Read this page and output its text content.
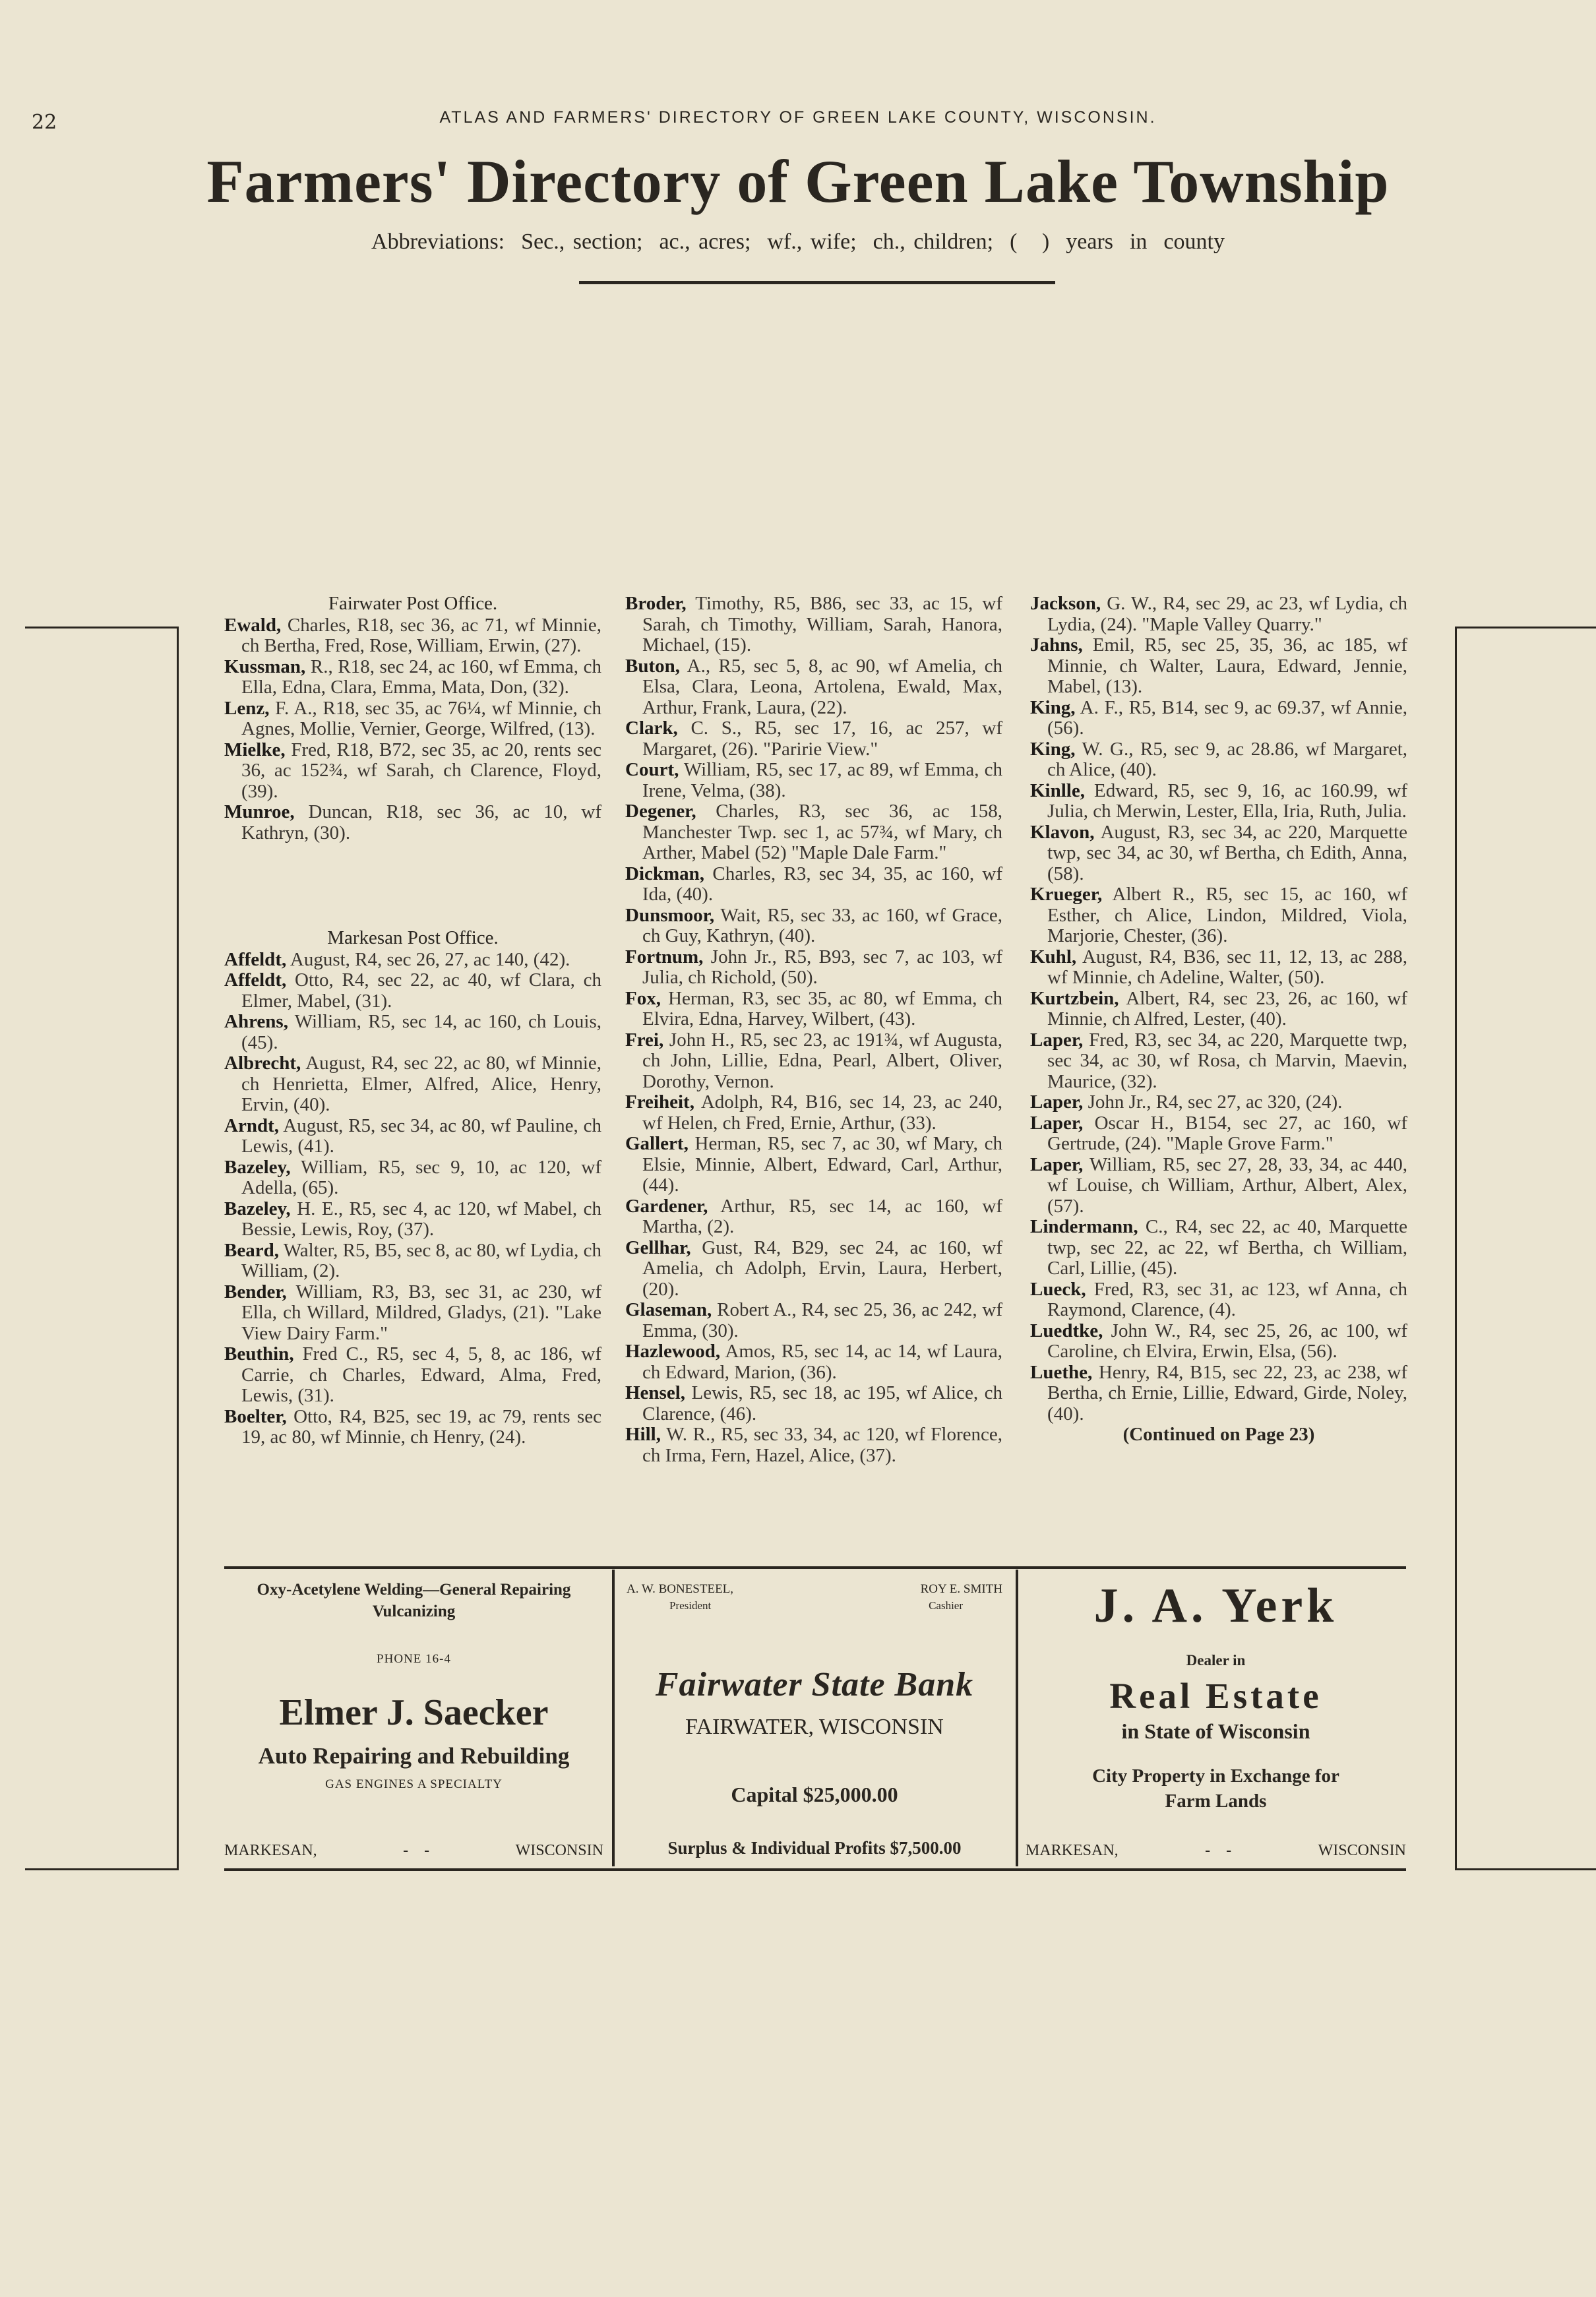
22	ATLAS AND FARMERS' DIRECTORY OF GREEN LAKE COUNTY, WISCONSIN.
Farmers' Directory of Green Lake Township
Abbreviations:  Sec., section;  ac., acres;  wf., wife;  ch., children;  (   )  years  in  county
Fairwater Post Office.

Ewald, Charles, R18, sec 36, ac 71, wf Minnie, ch Bertha, Fred, Rose, William, Erwin, (27).

Kussman, R., R18, sec 24, ac 160, wf Emma, ch Ella, Edna, Clara, Emma, Mata, Don, (32).

Lenz, F. A., R18, sec 35, ac 76¼, wf Minnie, ch Agnes, Mollie, Vernier, George, Wilfred, (13).

Mielke, Fred, R18, B72, sec 35, ac 20, rents sec 36, ac 152¾, wf Sarah, ch Clarence, Floyd, (39).

Munroe, Duncan, R18, sec 36, ac 10, wf Kathryn, (30).

Markesan Post Office.

Affeldt, August, R4, sec 26, 27, ac 140, (42).

Affeldt, Otto, R4, sec 22, ac 40, wf Clara, ch Elmer, Mabel, (31).

Ahrens, William, R5, sec 14, ac 160, ch Louis, (45).

Albrecht, August, R4, sec 22, ac 80, wf Minnie, ch Henrietta, Elmer, Alfred, Alice, Henry, Ervin, (40).

Arndt, August, R5, sec 34, ac 80, wf Pauline, ch Lewis, (41).

Bazeley, William, R5, sec 9, 10, ac 120, wf Adella, (65).

Bazeley, H. E., R5, sec 4, ac 120, wf Mabel, ch Bessie, Lewis, Roy, (37).

Beard, Walter, R5, B5, sec 8, ac 80, wf Lydia, ch William, (2).

Bender, William, R3, B3, sec 31, ac 230, wf Ella, ch Willard, Mildred, Gladys, (21). "Lake View Dairy Farm."

Beuthin, Fred C., R5, sec 4, 5, 8, ac 186, wf Carrie, ch Charles, Edward, Alma, Fred, Lewis, (31).

Boelter, Otto, R4, B25, sec 19, ac 79, rents sec 19, ac 80, wf Minnie, ch Henry, (24).

Broder, Timothy, R5, B86, sec 33, ac 15, wf Sarah, ch Timothy, William, Sarah, Hanora, Michael, (15).

Buton, A., R5, sec 5, 8, ac 90, wf Amelia, ch Elsa, Clara, Leona, Artolena, Ewald, Max, Arthur, Frank, Laura, (22).

Clark, C. S., R5, sec 17, 16, ac 257, wf Margaret, (26). "Paririe View."

Court, William, R5, sec 17, ac 89, wf Emma, ch Irene, Velma, (38).

Degener, Charles, R3, sec 36, ac 158, Manchester Twp. sec 1, ac 57¾, wf Mary, ch Arther, Mabel (52) "Maple Dale Farm."

Dickman, Charles, R3, sec 34, 35, ac 160, wf Ida, (40).

Dunsmoor, Wait, R5, sec 33, ac 160, wf Grace, ch Guy, Kathryn, (40).

Fortnum, John Jr., R5, B93, sec 7, ac 103, wf Julia, ch Richold, (50).

Fox, Herman, R3, sec 35, ac 80, wf Emma, ch Elvira, Edna, Harvey, Wilbert, (43).

Frei, John H., R5, sec 23, ac 191¾, wf Augusta, ch John, Lillie, Edna, Pearl, Albert, Oliver, Dorothy, Vernon.

Freiheit, Adolph, R4, B16, sec 14, 23, ac 240, wf Helen, ch Fred, Ernie, Arthur, (33).

Gallert, Herman, R5, sec 7, ac 30, wf Mary, ch Elsie, Minnie, Albert, Edward, Carl, Arthur, (44).

Gardener, Arthur, R5, sec 14, ac 160, wf Martha, (2).

Gellhar, Gust, R4, B29, sec 24, ac 160, wf Amelia, ch Adolph, Ervin, Laura, Herbert, (20).

Glaseman, Robert A., R4, sec 25, 36, ac 242, wf Emma, (30).

Hazlewood, Amos, R5, sec 14, ac 14, wf Laura, ch Edward, Marion, (36).

Hensel, Lewis, R5, sec 18, ac 195, wf Alice, ch Clarence, (46).

Hill, W. R., R5, sec 33, 34, ac 120, wf Florence, ch Irma, Fern, Hazel, Alice, (37).

Jackson, G. W., R4, sec 29, ac 23, wf Lydia, ch Lydia, (24). "Maple Valley Quarry."

Jahns, Emil, R5, sec 25, 35, 36, ac 185, wf Minnie, ch Walter, Laura, Edward, Jennie, Mabel, (13).

King, A. F., R5, B14, sec 9, ac 69.37, wf Annie, (56).

King, W. G., R5, sec 9, ac 28.86, wf Margaret, ch Alice, (40).

Kinlle, Edward, R5, sec 9, 16, ac 160.99, wf Julia, ch Merwin, Lester, Ella, Iria, Ruth, Julia.

Klavon, August, R3, sec 34, ac 220, Marquette twp, sec 34, ac 30, wf Bertha, ch Edith, Anna, (58).

Krueger, Albert R., R5, sec 15, ac 160, wf Esther, ch Alice, Lindon, Mildred, Viola, Marjorie, Chester, (36).

Kuhl, August, R4, B36, sec 11, 12, 13, ac 288, wf Minnie, ch Adeline, Walter, (50).

Kurtzbein, Albert, R4, sec 23, 26, ac 160, wf Minnie, ch Alfred, Lester, (40).

Laper, Fred, R3, sec 34, ac 220, Marquette twp, sec 34, ac 30, wf Rosa, ch Marvin, Maevin, Maurice, (32).

Laper, John Jr., R4, sec 27, ac 320, (24).

Laper, Oscar H., B154, sec 27, ac 160, wf Gertrude, (24). "Maple Grove Farm."

Laper, William, R5, sec 27, 28, 33, 34, ac 440, wf Louise, ch William, Arthur, Albert, Alex, (57).

Lindermann, C., R4, sec 22, ac 40, Marquette twp, sec 22, ac 22, wf Bertha, ch William, Carl, Lillie, (45).

Lueck, Fred, R3, sec 31, ac 123, wf Anna, ch Raymond, Clarence, (4).

Luedtke, John W., R4, sec 25, 26, ac 100, wf Caroline, ch Elvira, Erwin, Elsa, (56).

Luethe, Henry, R4, B15, sec 22, 23, ac 238, wf Bertha, ch Ernie, Lillie, Edward, Girde, Noley, (40).

(Continued on Page 23)
Oxy-Acetylene Welding—General Repairing
Vulcanizing
PHONE 16-4
Elmer J. Saecker
Auto Repairing and Rebuilding
GAS ENGINES A SPECIALTY
MARKESAN,	-    -	WISCONSIN
A. W. BONESTEEL,	ROY E. SMITH
President	Cashier
Fairwater State Bank
FAIRWATER, WISCONSIN
Capital $25,000.00
Surplus & Individual Profits $7,500.00
J. A. Yerk
Dealer in
Real Estate
in State of Wisconsin
City Property in Exchange for
Farm Lands
MARKESAN,	-    -	WISCONSIN
